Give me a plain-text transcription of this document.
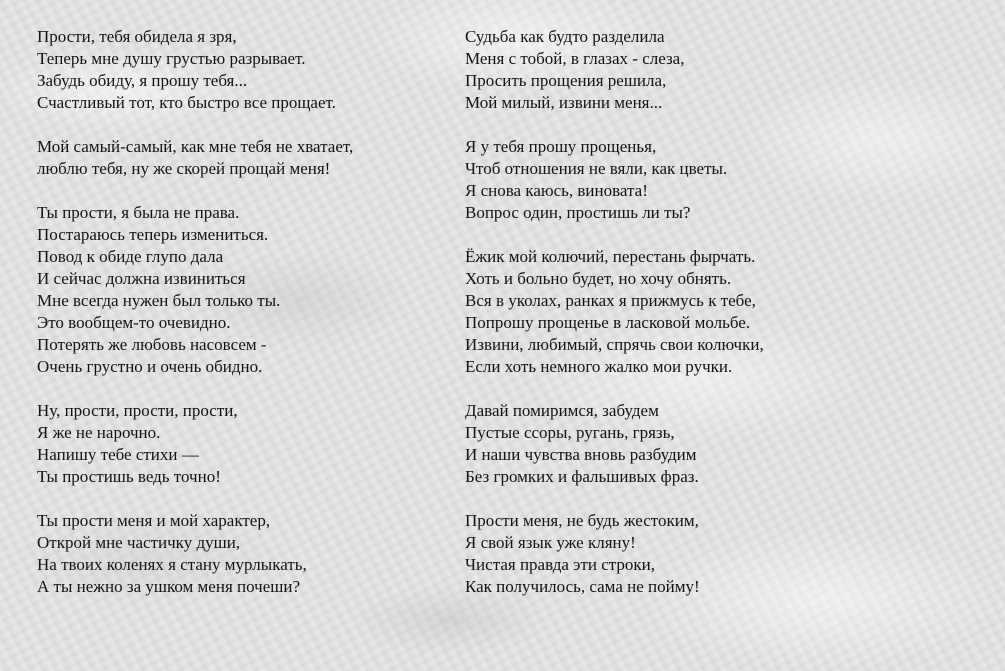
Прости, тебя обидела я зря,
Теперь мне душу грустью разрывает.
Забудь обиду, я прошу тебя...
Счастливый тот, кто быстро все прощает.
Мой самый-самый, как мне тебя не хватает,
люблю тебя, ну же скорей прощай меня!
Ты прости, я была не права.
Постараюсь теперь измениться.
Повод к обиде глупо дала
И сейчас должна извиниться
Мне всегда нужен был только ты.
Это вообщем-то очевидно.
Потерять же любовь насовсем -
Очень грустно и очень обидно.
Ну, прости, прости, прости,
Я же не нарочно.
Напишу тебе стихи —
Ты простишь ведь точно!
Ты прости меня и мой характер,
Открой мне частичку души,
На твоих коленях я стану мурлыкать,
А ты нежно за ушком меня почеши?
Судьба как будто разделила
Меня с тобой, в глазах - слеза,
Просить прощения решила,
Мой милый, извини меня...
Я у тебя прошу прощенья,
Чтоб отношения не вяли, как цветы.
Я снова каюсь, виновата!
Вопрос один, простишь ли ты?
Ёжик мой колючий, перестань фырчать.
Хоть и больно будет, но хочу обнять.
Вся в уколах, ранках я прижмусь к тебе,
Попрошу прощенье в ласковой мольбе.
Извини, любимый, спрячь свои колючки,
Если хоть немного жалко мои ручки.
Давай помиримся, забудем
Пустые ссоры, ругань, грязь,
И наши чувства вновь разбудим
Без громких и фальшивых фраз.
Прости меня, не будь жестоким,
Я свой язык уже кляну!
Чистая правда эти строки,
Как получилось, сама не пойму!
